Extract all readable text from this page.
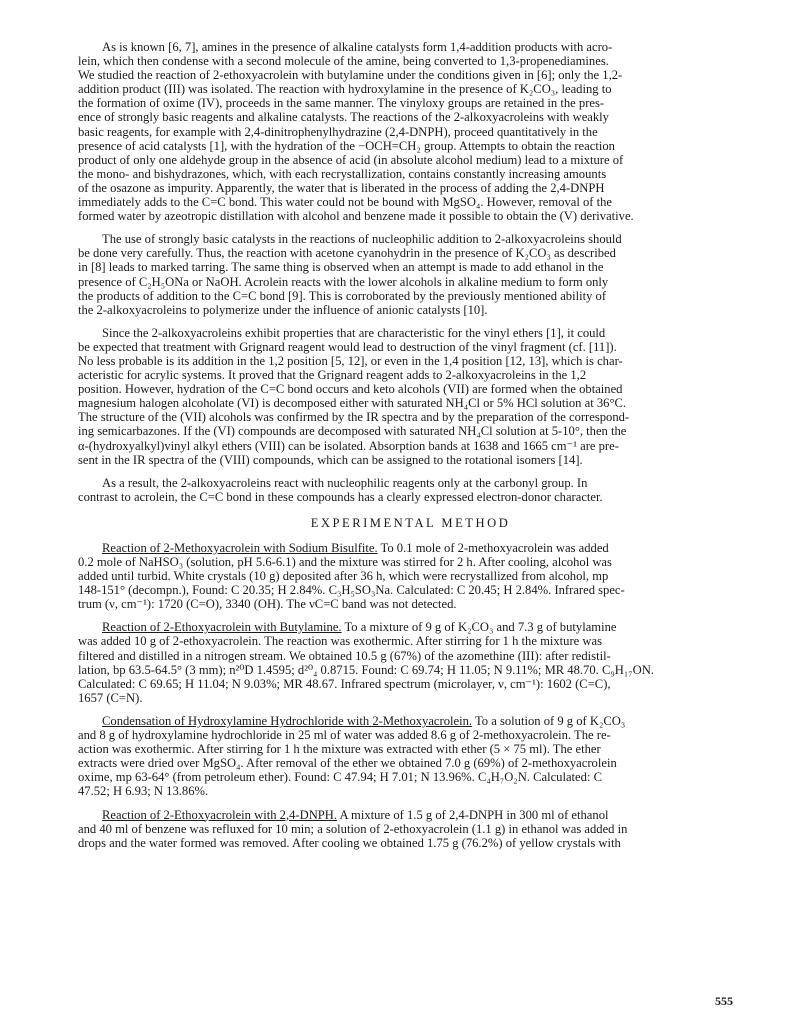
As is known [6, 7], amines in the presence of alkaline catalysts form 1,4-addition products with acro-
lein, which then condense with a second molecule of the amine, being converted to 1,3-propenediamines.
We studied the reaction of 2-ethoxyacrolein with butylamine under the conditions given in [6]; only the 1,2-
addition product (III) was isolated. The reaction with hydroxylamine in the presence of K₂CO₃, leading to
the formation of oxime (IV), proceeds in the same manner. The vinyloxy groups are retained in the pres-
ence of strongly basic reagents and alkaline catalysts. The reactions of the 2-alkoxyacroleins with weakly
basic reagents, for example with 2,4-dinitrophenylhydrazine (2,4-DNPH), proceed quantitatively in the
presence of acid catalysts [1], with the hydration of the −OCH=CH₂ group. Attempts to obtain the reaction
product of only one aldehyde group in the absence of acid (in absolute alcohol medium) lead to a mixture of
the mono- and bishydrazones, which, with each recrystallization, contains constantly increasing amounts
of the osazone as impurity. Apparently, the water that is liberated in the process of adding the 2,4-DNPH
immediately adds to the C=C bond. This water could not be bound with MgSO₄. However, removal of the
formed water by azeotropic distillation with alcohol and benzene made it possible to obtain the (V) derivative.
The use of strongly basic catalysts in the reactions of nucleophilic addition to 2-alkoxyacroleins should
be done very carefully. Thus, the reaction with acetone cyanohydrin in the presence of K₂CO₃ as described
in [8] leads to marked tarring. The same thing is observed when an attempt is made to add ethanol in the
presence of C₂H₅ONa or NaOH. Acrolein reacts with the lower alcohols in alkaline medium to form only
the products of addition to the C=C bond [9]. This is corroborated by the previously mentioned ability of
the 2-alkoxyacroleins to polymerize under the influence of anionic catalysts [10].
Since the 2-alkoxyacroleins exhibit properties that are characteristic for the vinyl ethers [1], it could
be expected that treatment with Grignard reagent would lead to destruction of the vinyl fragment (cf. [11]).
No less probable is its addition in the 1,2 position [5, 12], or even in the 1,4 position [12, 13], which is char-
acteristic for acrylic systems. It proved that the Grignard reagent adds to 2-alkoxyacroleins in the 1,2
position. However, hydration of the C=C bond occurs and keto alcohols (VII) are formed when the obtained
magnesium halogen alcoholate (VI) is decomposed either with saturated NH₄Cl or 5% HCl solution at 36°C.
The structure of the (VII) alcohols was confirmed by the IR spectra and by the preparation of the correspond-
ing semicarbazones. If the (VI) compounds are decomposed with saturated NH₄Cl solution at 5-10°, then the
α-(hydroxyalkyl)vinyl alkyl ethers (VIII) can be isolated. Absorption bands at 1638 and 1665 cm⁻¹ are pre-
sent in the IR spectra of the (VIII) compounds, which can be assigned to the rotational isomers [14].
As a result, the 2-alkoxyacroleins react with nucleophilic reagents only at the carbonyl group. In
contrast to acrolein, the C=C bond in these compounds has a clearly expressed electron-donor character.
EXPERIMENTAL METHOD
Reaction of 2-Methoxyacrolein with Sodium Bisulfite. To 0.1 mole of 2-methoxyacrolein was added
0.2 mole of NaHSO₃ (solution, pH 5.6-6.1) and the mixture was stirred for 2 h. After cooling, alcohol was
added until turbid. White crystals (10 g) deposited after 36 h, which were recrystallized from alcohol, mp
148-151° (decompn.), Found: C 20.35; H 2.84%. C₃H₅SO₃Na. Calculated: C 20.45; H 2.84%. Infrared spec-
trum (ν, cm⁻¹): 1720 (C=O), 3340 (OH). The νC=C band was not detected.
Reaction of 2-Ethoxyacrolein with Butylamine. To a mixture of 9 g of K₂CO₃ and 7.3 g of butylamine
was added 10 g of 2-ethoxyacrolein. The reaction was exothermic. After stirring for 1 h the mixture was
filtered and distilled in a nitrogen stream. We obtained 10.5 g (67%) of the azomethine (III): after redistil-
lation, bp 63.5-64.5° (3 mm); n²⁰D 1.4595; d²⁰₄ 0.8715. Found: C 69.74; H 11.05; N 9.11%; MR 48.70. C₉H₁₇ON.
Calculated: C 69.65; H 11.04; N 9.03%; MR 48.67. Infrared spectrum (microlayer, ν, cm⁻¹): 1602 (C=C),
1657 (C=N).
Condensation of Hydroxylamine Hydrochloride with 2-Methoxyacrolein. To a solution of 9 g of K₂CO₃
and 8 g of hydroxylamine hydrochloride in 25 ml of water was added 8.6 g of 2-methoxyacrolein. The re-
action was exothermic. After stirring for 1 h the mixture was extracted with ether (5 × 75 ml). The ether
extracts were dried over MgSO₄. After removal of the ether we obtained 7.0 g (69%) of 2-methoxyacrolein
oxime, mp 63-64° (from petroleum ether). Found: C 47.94; H 7.01; N 13.96%. C₄H₇O₂N. Calculated: C
47.52; H 6.93; N 13.86%.
Reaction of 2-Ethoxyacrolein with 2,4-DNPH. A mixture of 1.5 g of 2,4-DNPH in 300 ml of ethanol
and 40 ml of benzene was refluxed for 10 min; a solution of 2-ethoxyacrolein (1.1 g) in ethanol was added in
drops and the water formed was removed. After cooling we obtained 1.75 g (76.2%) of yellow crystals with
555
